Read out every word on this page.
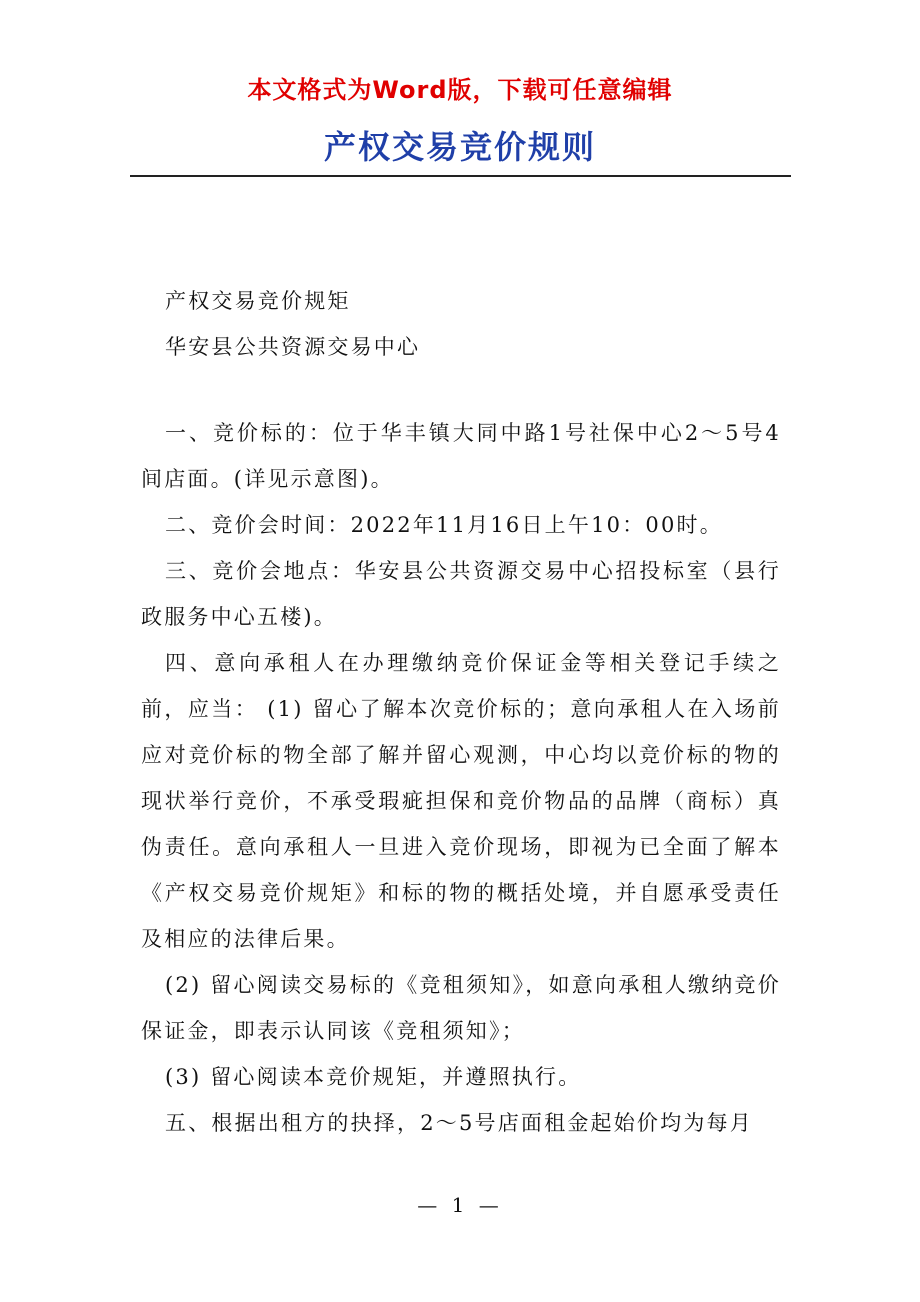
本文格式为Word版，下载可任意编辑
产权交易竞价规则

产权交易竞价规矩

华安县公共资源交易中心

一、竞价标的：位于华丰镇大同中路1号社保中心2～5号4间店面。(详见示意图)。

二、竞价会时间：2022年11月16日上午10：00时。

三、竞价会地点：华安县公共资源交易中心招投标室（县行政服务中心五楼)。

四、意向承租人在办理缴纳竞价保证金等相关登记手续之前，应当： (1) 留心了解本次竞价标的；意向承租人在入场前应对竞价标的物全部了解并留心观测，中心均以竞价标的物的现状举行竞价，不承受瑕疵担保和竞价物品的品牌（商标）真伪责任。意向承租人一旦进入竞价现场，即视为已全面了解本《产权交易竞价规矩》和标的物的概括处境，并自愿承受责任及相应的法律后果。

(2) 留心阅读交易标的《竞租须知》，如意向承租人缴纳竞价保证金，即表示认同该《竞租须知》；

(3) 留心阅读本竞价规矩，并遵照执行。

五、根据出租方的抉择，2～5号店面租金起始价均为每月

— 1 —
